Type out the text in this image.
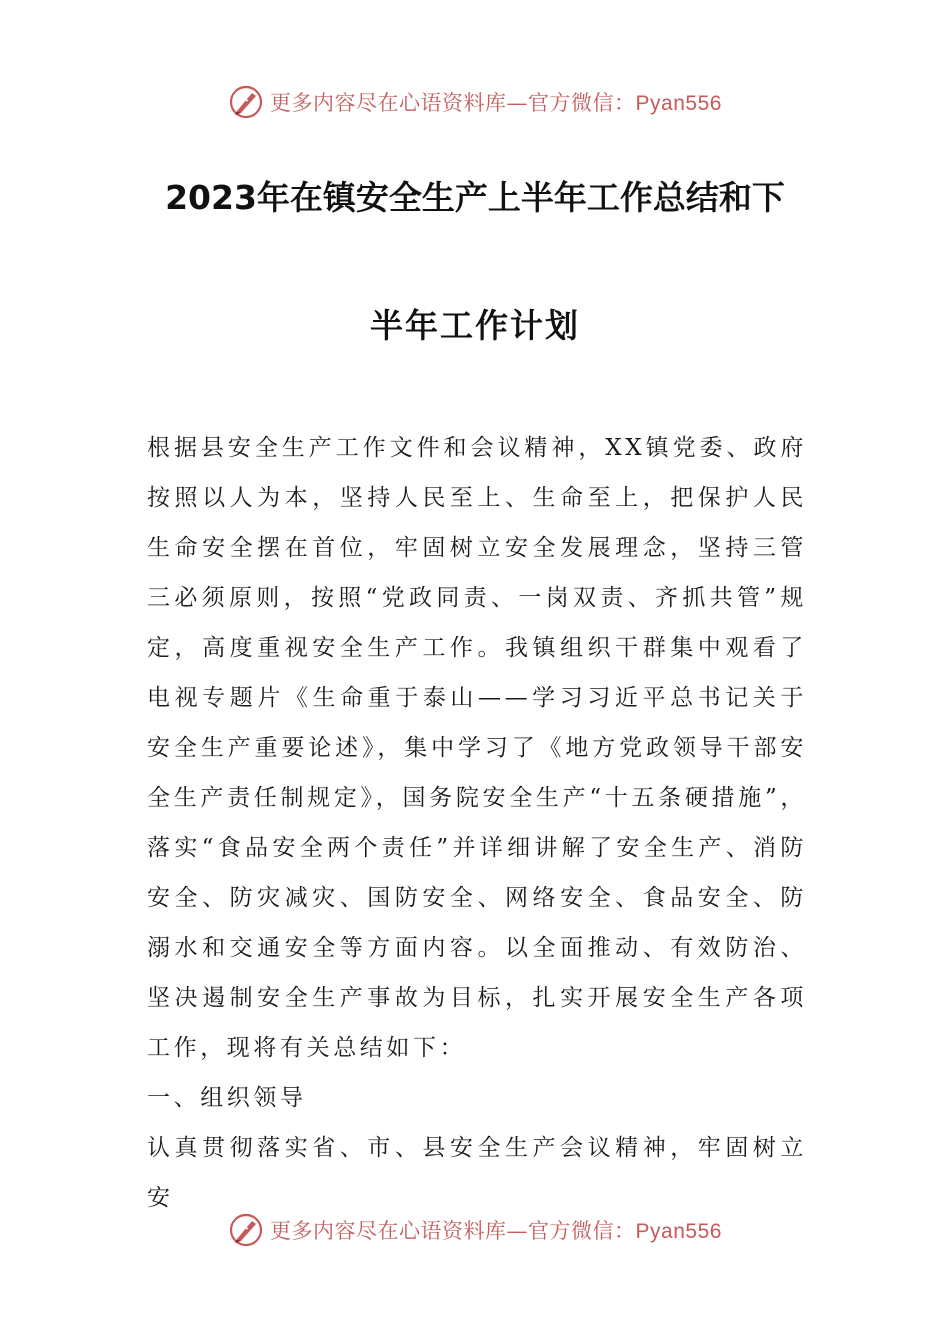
更多内容尽在心语资料库—官方微信：Pyan556
2023年在镇安全生产上半年工作总结和下
半年工作计划

根据县安全生产工作文件和会议精神，XX镇党委、政府按照以人为本，坚持人民至上、生命至上，把保护人民生命安全摆在首位，牢固树立安全发展理念，坚持三管三必须原则，按照“党政同责、一岗双责、齐抓共管”规定，高度重视安全生产工作。我镇组织干群集中观看了电视专题片《生命重于泰山——学习习近平总书记关于安全生产重要论述》，集中学习了《地方党政领导干部安全生产责任制规定》，国务院安全生产“十五条硬措施”，落实“食品安全两个责任”并详细讲解了安全生产、消防安全、防灾减灾、国防安全、网络安全、食品安全、防溺水和交通安全等方面内容。以全面推动、有效防治、坚决遏制安全生产事故为目标，扎实开展安全生产各项工作，现将有关总结如下：

一、组织领导

认真贯彻落实省、市、县安全生产会议精神，牢固树立安

更多内容尽在心语资料库—官方微信：Pyan556
